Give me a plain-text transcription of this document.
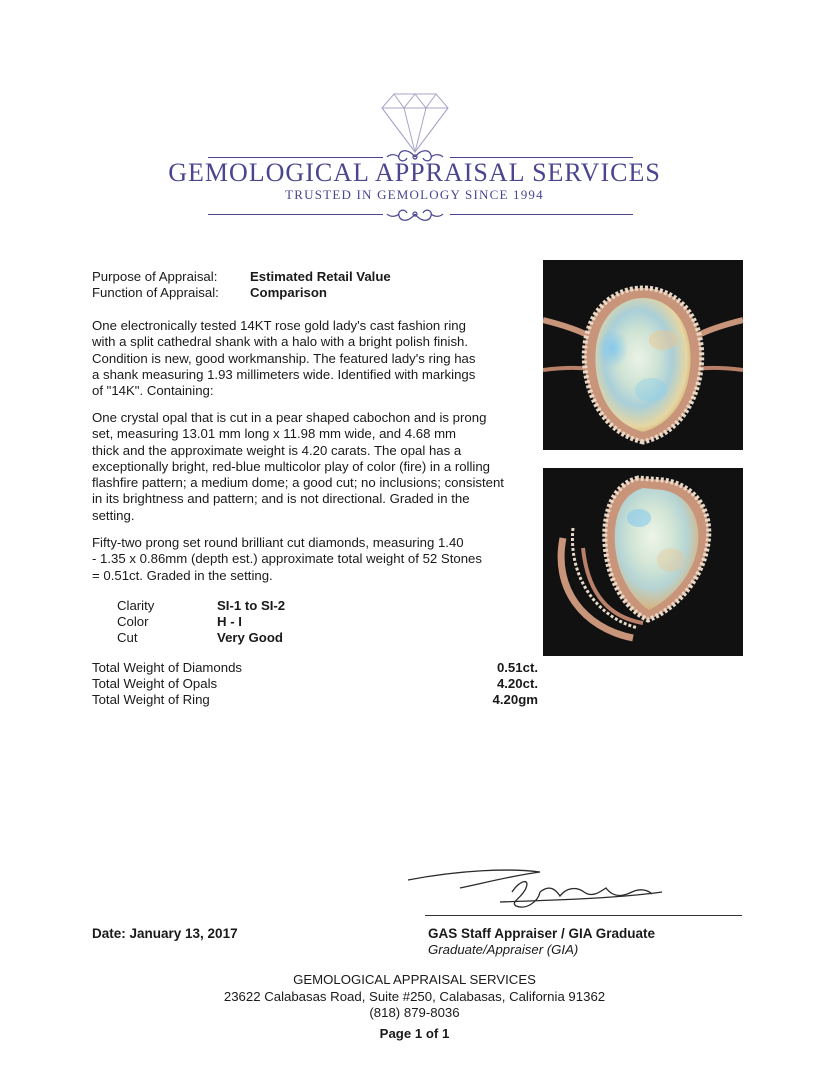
GEMOLOGICAL APPRAISAL SERVICES
TRUSTED IN GEMOLOGY SINCE 1994
Purpose of Appraisal: Estimated Retail Value
Function of Appraisal: Comparison
One electronically tested 14KT rose gold lady's cast fashion ring
with a split cathedral shank with a halo with a bright polish finish.
Condition is new, good workmanship. The featured lady's ring has
a shank measuring 1.93 millimeters wide. Identified with markings
of "14K". Containing:
One crystal opal that is cut in a pear shaped cabochon and is prong
set, measuring 13.01 mm long x 11.98 mm wide, and 4.68 mm
thick and the approximate weight is 4.20 carats. The opal has a
exceptionally bright, red-blue multicolor play of color (fire) in a rolling
flashfire pattern; a medium dome; a good cut; no inclusions; consistent
in its brightness and pattern; and is not directional. Graded in the
setting.
Fifty-two prong set round brilliant cut diamonds, measuring 1.40
- 1.35 x 0.86mm (depth est.) approximate total weight of 52 Stones
= 0.51ct. Graded in the setting.
Clarity	SI-1 to SI-2
Color	H - I
Cut	Very Good
Total Weight of Diamonds	0.51ct.
Total Weight of Opals	4.20ct.
Total Weight of Ring	4.20gm
Date: January 13, 2017	GAS Staff Appraiser / GIA Graduate
Graduate/Appraiser (GIA)
GEMOLOGICAL APPRAISAL SERVICES
23622 Calabasas Road, Suite #250, Calabasas, California 91362
(818) 879-8036
Page 1 of 1
